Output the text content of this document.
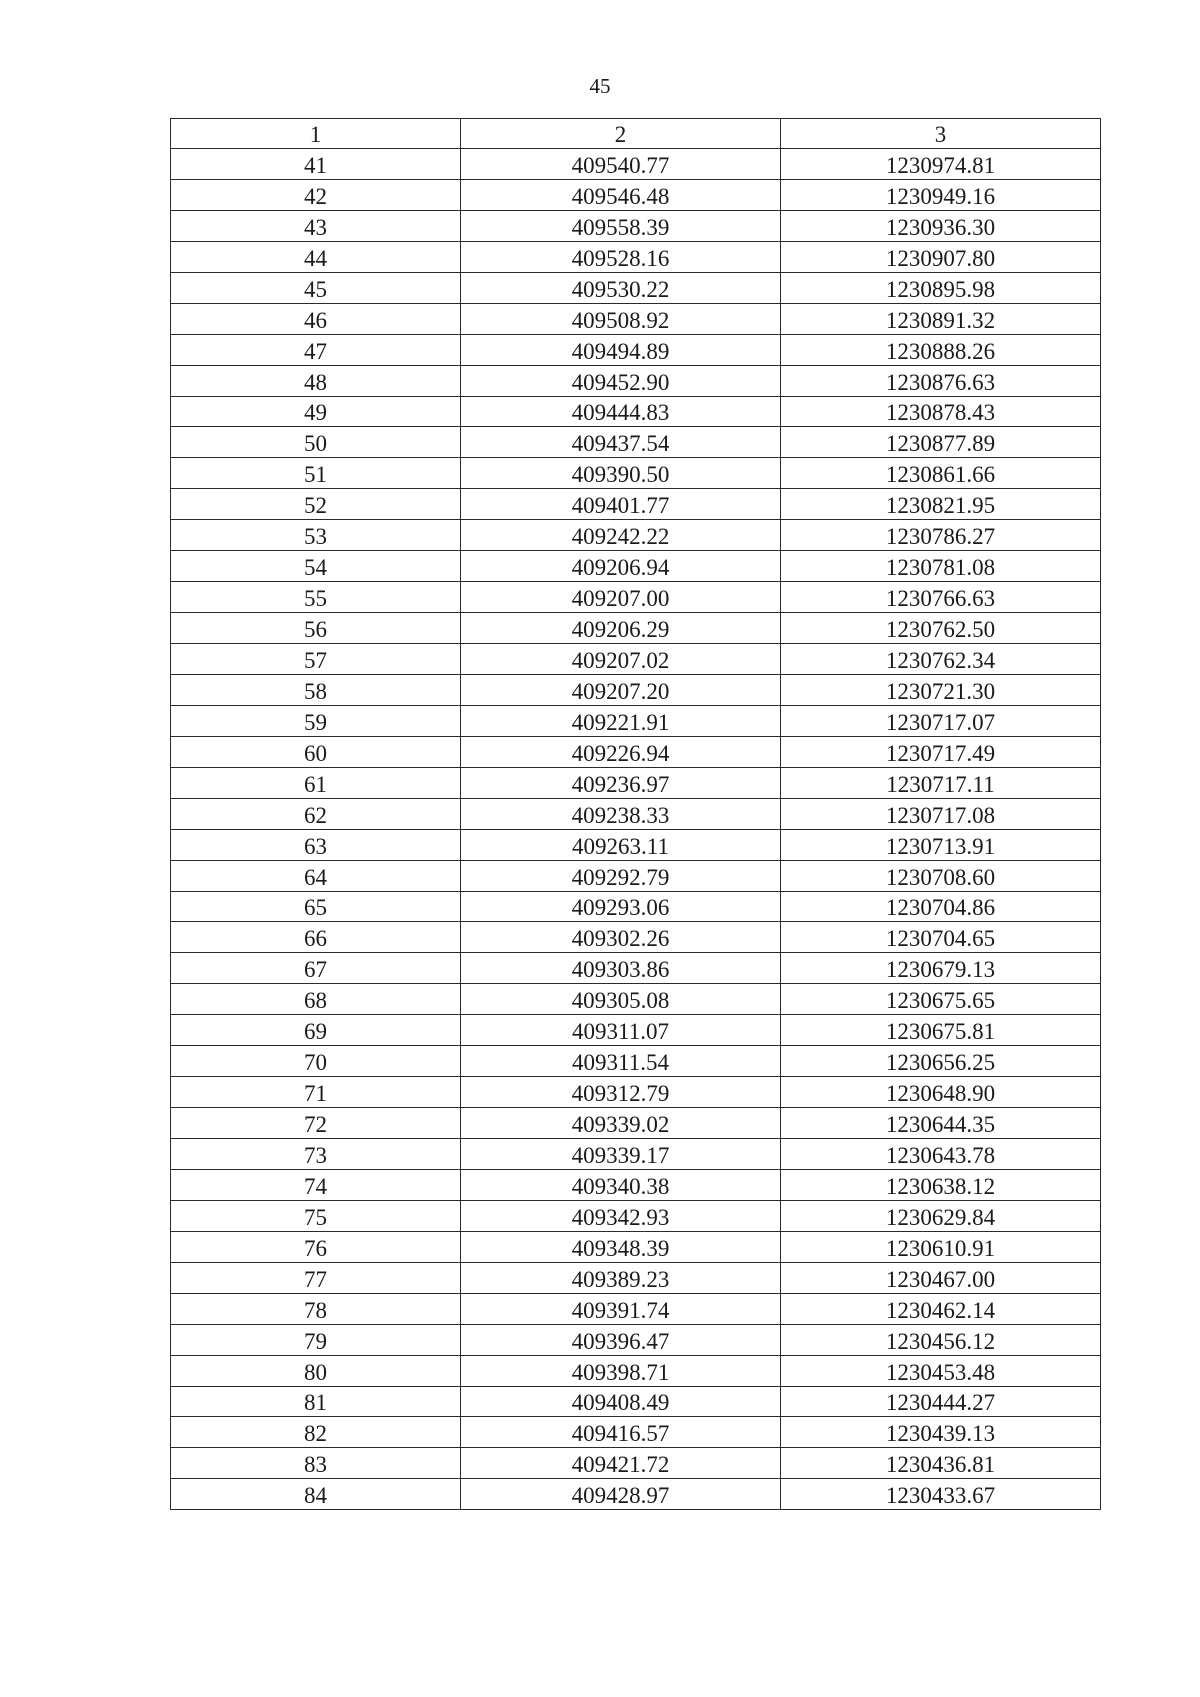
45
1	2	3
41	409540.77	1230974.81
42	409546.48	1230949.16
43	409558.39	1230936.30
44	409528.16	1230907.80
45	409530.22	1230895.98
46	409508.92	1230891.32
47	409494.89	1230888.26
48	409452.90	1230876.63
49	409444.83	1230878.43
50	409437.54	1230877.89
51	409390.50	1230861.66
52	409401.77	1230821.95
53	409242.22	1230786.27
54	409206.94	1230781.08
55	409207.00	1230766.63
56	409206.29	1230762.50
57	409207.02	1230762.34
58	409207.20	1230721.30
59	409221.91	1230717.07
60	409226.94	1230717.49
61	409236.97	1230717.11
62	409238.33	1230717.08
63	409263.11	1230713.91
64	409292.79	1230708.60
65	409293.06	1230704.86
66	409302.26	1230704.65
67	409303.86	1230679.13
68	409305.08	1230675.65
69	409311.07	1230675.81
70	409311.54	1230656.25
71	409312.79	1230648.90
72	409339.02	1230644.35
73	409339.17	1230643.78
74	409340.38	1230638.12
75	409342.93	1230629.84
76	409348.39	1230610.91
77	409389.23	1230467.00
78	409391.74	1230462.14
79	409396.47	1230456.12
80	409398.71	1230453.48
81	409408.49	1230444.27
82	409416.57	1230439.13
83	409421.72	1230436.81
84	409428.97	1230433.67
